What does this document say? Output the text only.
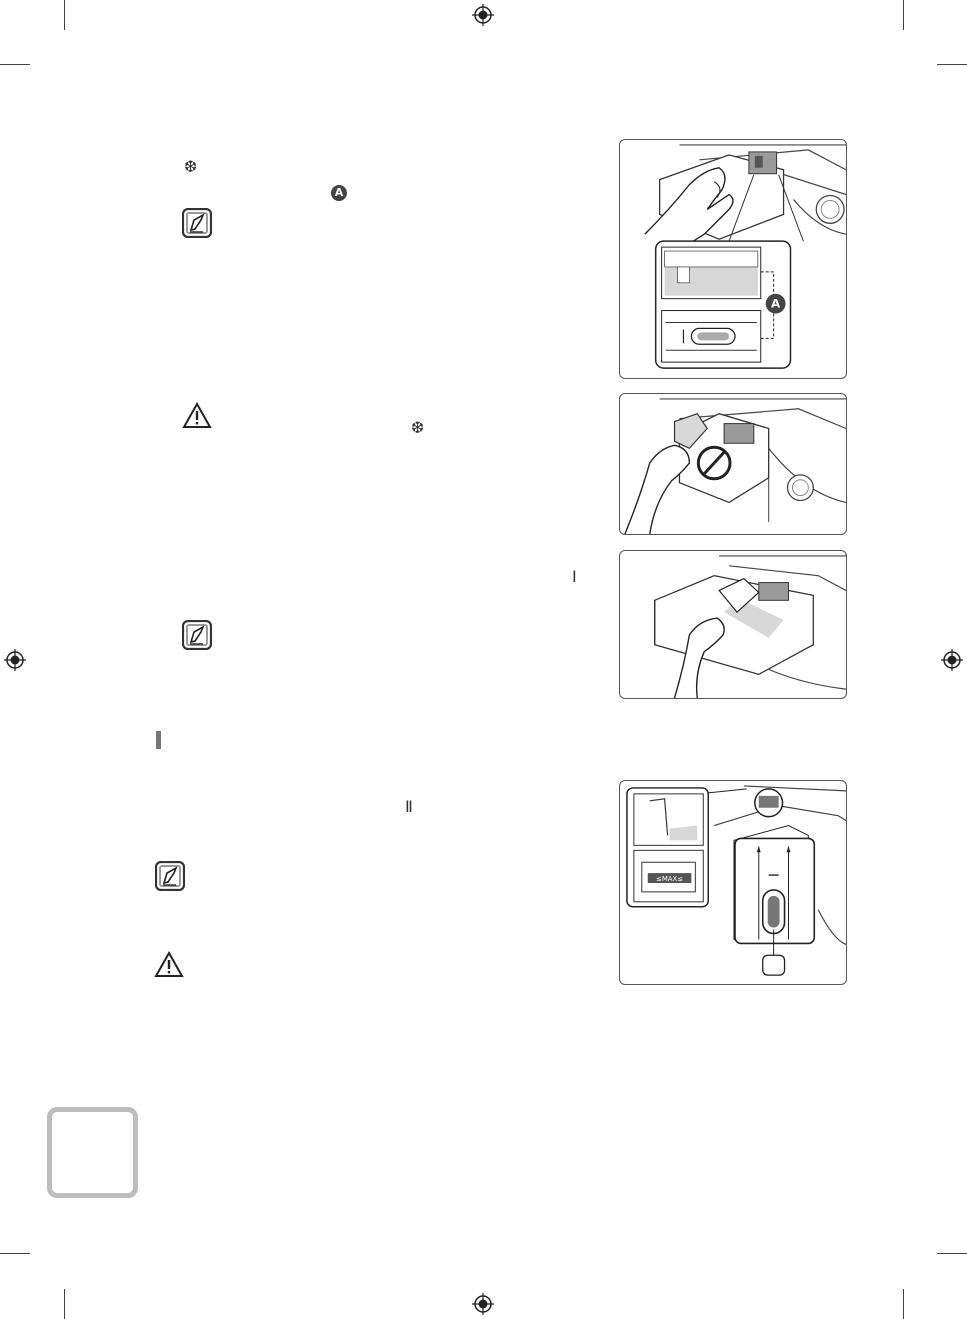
❆
A
❆
Ⅰ
Ⅱ
A
≤MAX≤
